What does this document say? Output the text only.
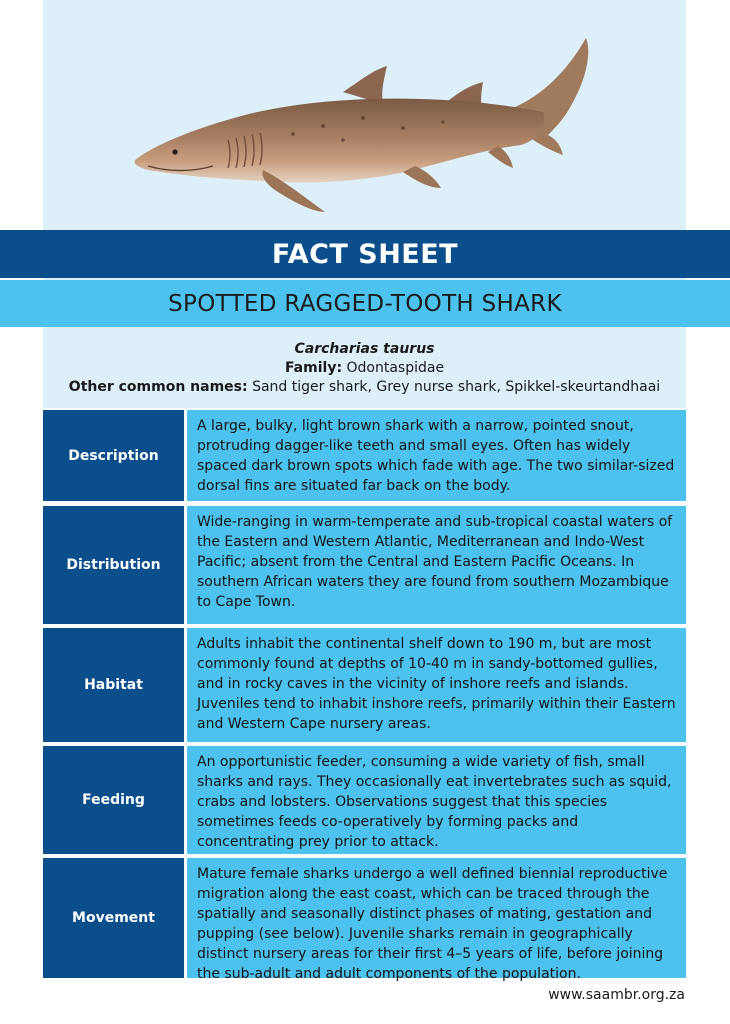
FACT SHEET
SPOTTED RAGGED-TOOTH SHARK
Carcharias taurus
Family: Odontaspidae
Other common names: Sand tiger shark, Grey nurse shark, Spikkel-skeurtandhaai
Description
A large, bulky, light brown shark with a narrow, pointed snout, protruding dagger-like teeth and small eyes. Often has widely spaced dark brown spots which fade with age. The two similar-sized dorsal fins are situated far back on the body.
Distribution
Wide-ranging in warm-temperate and sub-tropical coastal waters of the Eastern and Western Atlantic, Mediterranean and Indo-West Pacific; absent from the Central and Eastern Pacific Oceans. In southern African waters they are found from southern Mozambique to Cape Town.
Habitat
Adults inhabit the continental shelf down to 190 m, but are most commonly found at depths of 10-40 m in sandy-bottomed gullies, and in rocky caves in the vicinity of inshore reefs and islands. Juveniles tend to inhabit inshore reefs, primarily within their Eastern and Western Cape nursery areas.
Feeding
An opportunistic feeder, consuming a wide variety of fish, small sharks and rays. They occasionally eat invertebrates such as squid, crabs and lobsters. Observations suggest that this species sometimes feeds co-operatively by forming packs and concentrating prey prior to attack.
Movement
Mature female sharks undergo a well defined biennial reproductive migration along the east coast, which can be traced through the spatially and seasonally distinct phases of mating, gestation and pupping (see below). Juvenile sharks remain in geographically distinct nursery areas for their first 4–5 years of life, before joining the sub-adult and adult components of the population.
www.saambr.org.za
